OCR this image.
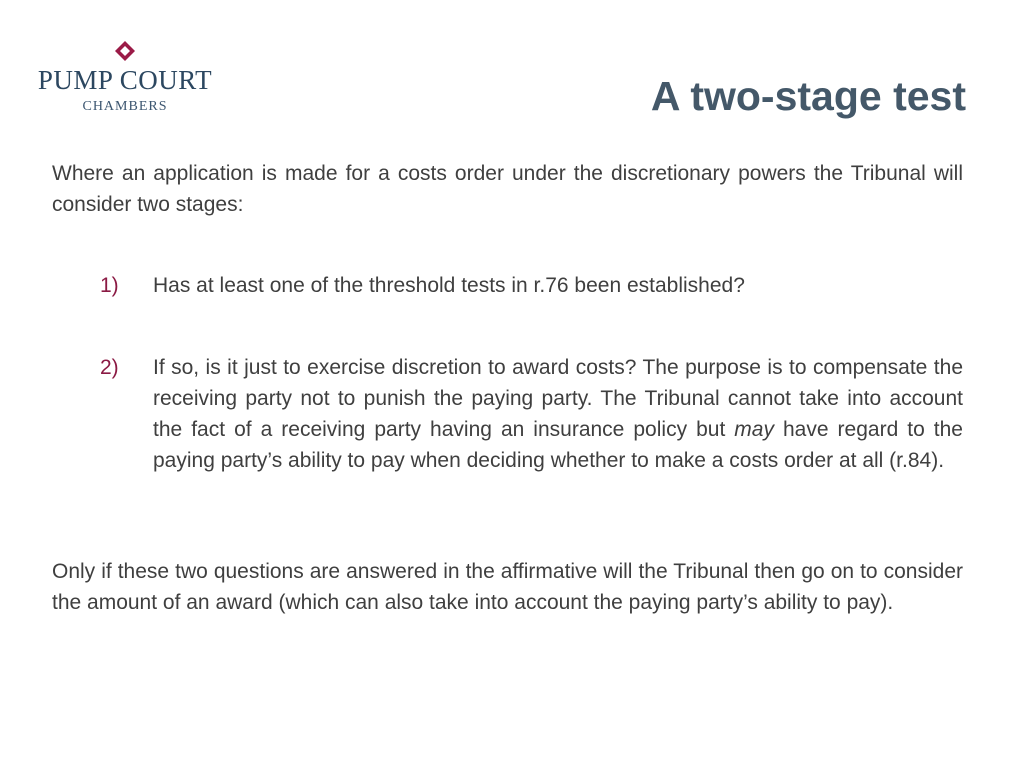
PUMP COURT
CHAMBERS	A two-stage test

Where an application is made for a costs order under the discretionary powers the Tribunal will consider two stages:

1) Has at least one of the threshold tests in r.76 been established?
2) If so, is it just to exercise discretion to award costs? The purpose is to compensate the receiving party not to punish the paying party. The Tribunal cannot take into account the fact of a receiving party having an insurance policy but may have regard to the paying party’s ability to pay when deciding whether to make a costs order at all (r.84).

Only if these two questions are answered in the affirmative will the Tribunal then go on to consider the amount of an award (which can also take into account the paying party’s ability to pay).
